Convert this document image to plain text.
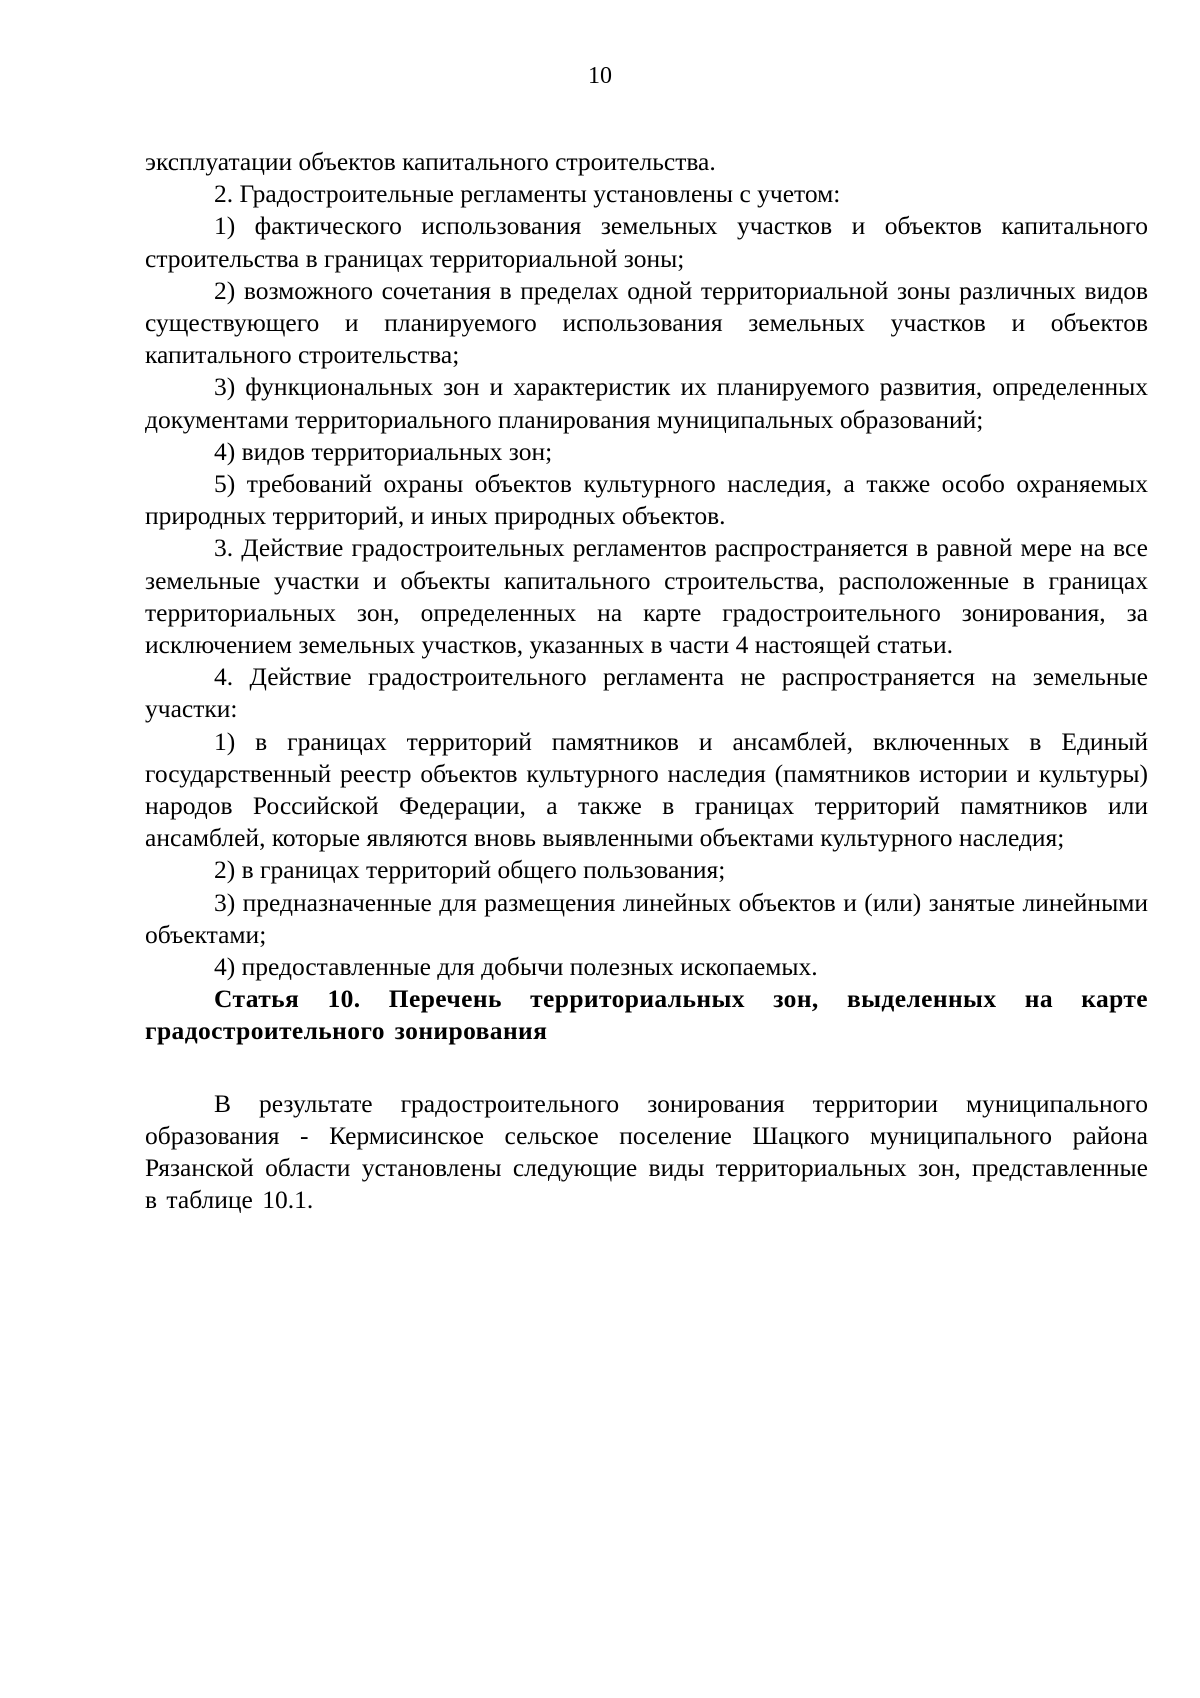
10

эксплуатации объектов капитального строительства.

2. Градостроительные регламенты установлены с учетом:

1) фактического использования земельных участков и объектов капитального строительства в границах территориальной зоны;

2) возможного сочетания в пределах одной территориальной зоны различных видов существующего и планируемого использования земельных участков и объектов капитального строительства;

3) функциональных зон и характеристик их планируемого развития, определенных документами территориального планирования муниципальных образований;

4) видов территориальных зон;

5) требований охраны объектов культурного наследия, а также особо охраняемых природных территорий, и иных природных объектов.

3. Действие градостроительных регламентов распространяется в равной мере на все земельные участки и объекты капитального строительства, расположенные в границах территориальных зон, определенных на карте градостроительного зонирования, за исключением земельных участков, указанных в части 4 настоящей статьи.

4. Действие градостроительного регламента не распространяется на земельные участки:

1) в границах территорий памятников и ансамблей, включенных в Единый государственный реестр объектов культурного наследия (памятников истории и культуры) народов Российской Федерации, а также в границах территорий памятников или ансамблей, которые являются вновь выявленными объектами культурного наследия;

2) в границах территорий общего пользования;

3) предназначенные для размещения линейных объектов и (или) занятые линейными объектами;

4) предоставленные для добычи полезных ископаемых.

Статья 10. Перечень территориальных зон, выделенных на карте градостроительного зонирования

В результате градостроительного зонирования территории муниципального образования - Кермисинское сельское поселение Шацкого муниципального района Рязанской области установлены следующие виды территориальных зон, представленные в таблице 10.1.
